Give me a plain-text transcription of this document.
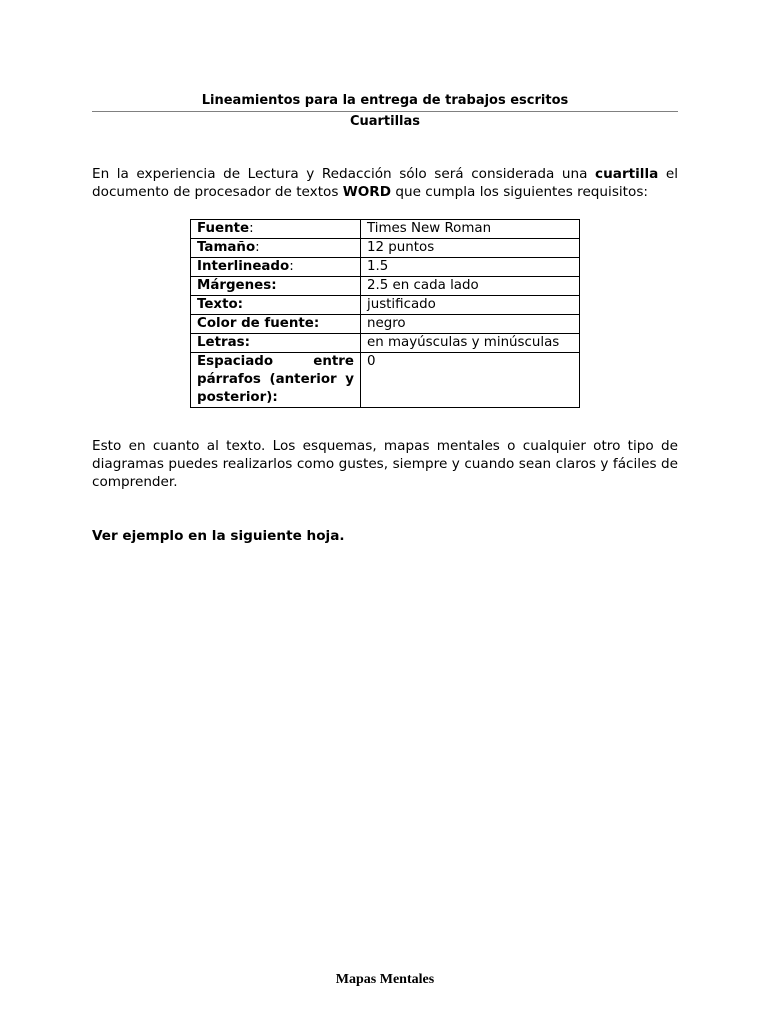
Lineamientos para la entrega de trabajos escritos
Cuartillas

En la experiencia de Lectura y Redacción sólo será considerada una cuartilla el documento de procesador de textos WORD que cumpla los siguientes requisitos:

Fuente:	Times New Roman
Tamaño:	12 puntos
Interlineado:	1.5
Márgenes:	2.5 en cada lado
Texto:	justificado
Color de fuente:	negro
Letras:	en mayúsculas y minúsculas
Espaciado entre párrafos (anterior y posterior):	0

Esto en cuanto al texto. Los esquemas, mapas mentales o cualquier otro tipo de diagramas puedes realizarlos como gustes, siempre y cuando sean claros y fáciles de comprender.

Ver ejemplo en la siguiente hoja.

Mapas Mentales
